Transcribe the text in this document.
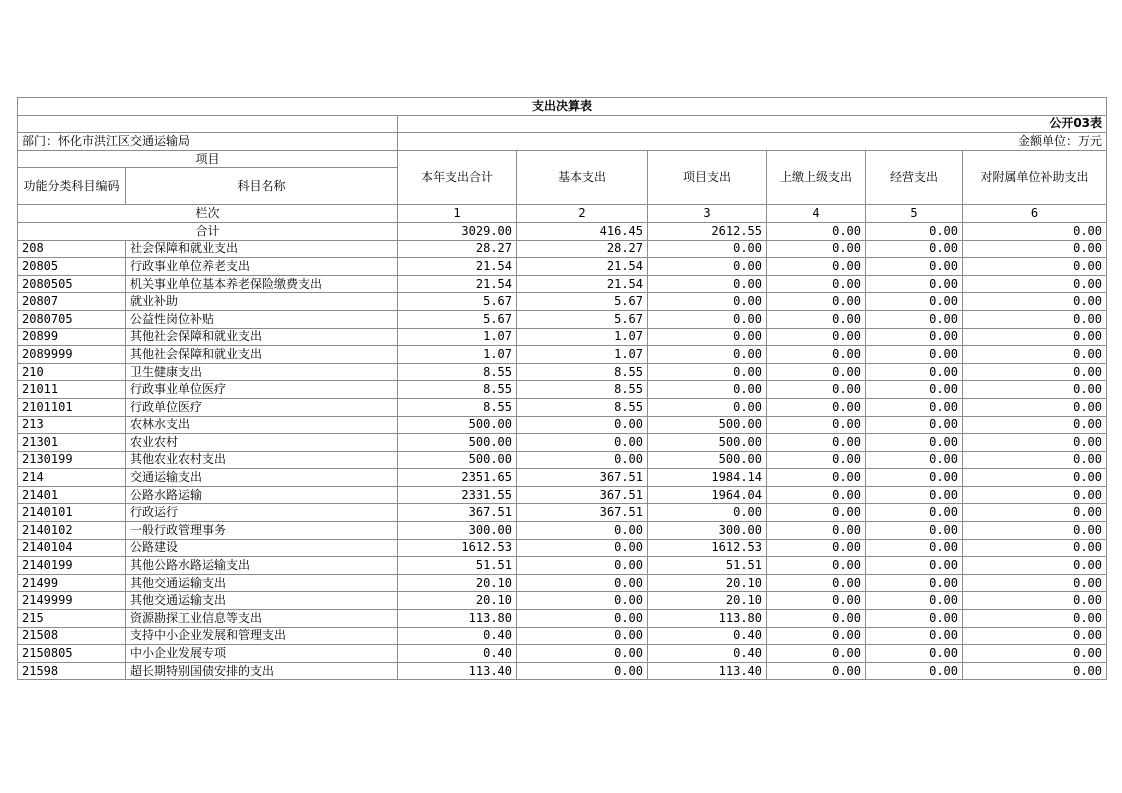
支出决算表							
		公开03表					
部门：怀化市洪江区交通运输局		金额单位：万元					
项目		本年支出合计	基本支出	项目支出	上缴上级支出	经营支出	对附属单位补助支出
功能分类科目编码	科目名称						
栏次		1	2	3	4	5	6
合计		3029.00	416.45	2612.55	0.00	0.00	0.00
208	社会保障和就业支出	28.27	28.27	0.00	0.00	0.00	0.00
20805	行政事业单位养老支出	21.54	21.54	0.00	0.00	0.00	0.00
2080505	机关事业单位基本养老保险缴费支出	21.54	21.54	0.00	0.00	0.00	0.00
20807	就业补助	5.67	5.67	0.00	0.00	0.00	0.00
2080705	公益性岗位补贴	5.67	5.67	0.00	0.00	0.00	0.00
20899	其他社会保障和就业支出	1.07	1.07	0.00	0.00	0.00	0.00
2089999	其他社会保障和就业支出	1.07	1.07	0.00	0.00	0.00	0.00
210	卫生健康支出	8.55	8.55	0.00	0.00	0.00	0.00
21011	行政事业单位医疗	8.55	8.55	0.00	0.00	0.00	0.00
2101101	行政单位医疗	8.55	8.55	0.00	0.00	0.00	0.00
213	农林水支出	500.00	0.00	500.00	0.00	0.00	0.00
21301	农业农村	500.00	0.00	500.00	0.00	0.00	0.00
2130199	其他农业农村支出	500.00	0.00	500.00	0.00	0.00	0.00
214	交通运输支出	2351.65	367.51	1984.14	0.00	0.00	0.00
21401	公路水路运输	2331.55	367.51	1964.04	0.00	0.00	0.00
2140101	行政运行	367.51	367.51	0.00	0.00	0.00	0.00
2140102	一般行政管理事务	300.00	0.00	300.00	0.00	0.00	0.00
2140104	公路建设	1612.53	0.00	1612.53	0.00	0.00	0.00
2140199	其他公路水路运输支出	51.51	0.00	51.51	0.00	0.00	0.00
21499	其他交通运输支出	20.10	0.00	20.10	0.00	0.00	0.00
2149999	其他交通运输支出	20.10	0.00	20.10	0.00	0.00	0.00
215	资源勘探工业信息等支出	113.80	0.00	113.80	0.00	0.00	0.00
21508	支持中小企业发展和管理支出	0.40	0.00	0.40	0.00	0.00	0.00
2150805	中小企业发展专项	0.40	0.00	0.40	0.00	0.00	0.00
21598	超长期特别国债安排的支出	113.40	0.00	113.40	0.00	0.00	0.00
